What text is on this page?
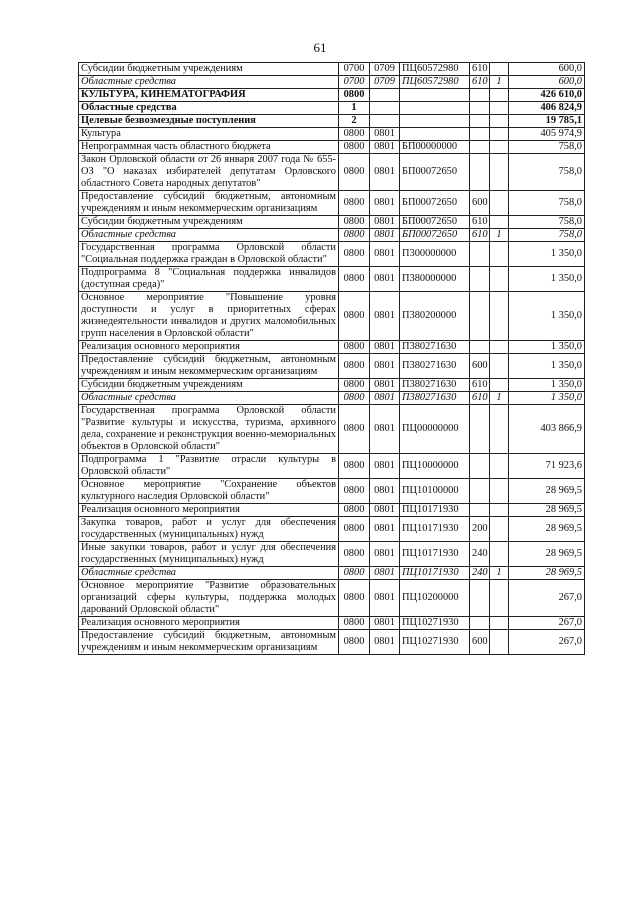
61
Субсидии бюджетным учреждениям	0700	0709	ПЦ60572980	610		600,0
Областные средства	0700	0709	ПЦ60572980	610	1	600,0
КУЛЬТУРА, КИНЕМАТОГРАФИЯ	0800					426 610,0
Областные средства	1					406 824,9
Целевые безвозмездные поступления	2					19 785,1
Культура	0800	0801				405 974,9
Непрограммная часть областного бюджета	0800	0801	БП00000000			758,0
Закон Орловской области от 26 января 2007 года № 655-ОЗ "О наказах избирателей депутатам Орловского областного Совета народных депутатов"	0800	0801	БП00072650			758,0
Предоставление субсидий бюджетным, автономным учреждениям и иным некоммерческим организациям	0800	0801	БП00072650	600		758,0
Субсидии бюджетным учреждениям	0800	0801	БП00072650	610		758,0
Областные средства	0800	0801	БП00072650	610	1	758,0
Государственная программа Орловской области "Социальная поддержка граждан в Орловской области"	0800	0801	П300000000			1 350,0
Подпрограмма 8 "Социальная поддержка инвалидов (доступная среда)"	0800	0801	П380000000			1 350,0
Основное мероприятие "Повышение уровня доступности и услуг в приоритетных сферах жизнедеятельности инвалидов и других маломобильных групп населения в Орловской области"	0800	0801	П380200000			1 350,0
Реализация основного мероприятия	0800	0801	П380271630			1 350,0
Предоставление субсидий бюджетным, автономным учреждениям и иным некоммерческим организациям	0800	0801	П380271630	600		1 350,0
Субсидии бюджетным учреждениям	0800	0801	П380271630	610		1 350,0
Областные средства	0800	0801	П380271630	610	1	1 350,0
Государственная программа Орловской области "Развитие культуры и искусства, туризма, архивного дела, сохранение и реконструкция военно-мемориальных объектов в Орловской области"	0800	0801	ПЦ00000000			403 866,9
Подпрограмма 1 "Развитие отрасли культуры в Орловской области"	0800	0801	ПЦ10000000			71 923,6
Основное мероприятие "Сохранение объектов культурного наследия Орловской области"	0800	0801	ПЦ10100000			28 969,5
Реализация основного мероприятия	0800	0801	ПЦ10171930			28 969,5
Закупка товаров, работ и услуг для обеспечения государственных (муниципальных) нужд	0800	0801	ПЦ10171930	200		28 969,5
Иные закупки товаров, работ и услуг для обеспечения государственных (муниципальных) нужд	0800	0801	ПЦ10171930	240		28 969,5
Областные средства	0800	0801	ПЦ10171930	240	1	28 969,5
Основное мероприятие "Развитие образовательных организаций сферы культуры, поддержка молодых дарований Орловской области"	0800	0801	ПЦ10200000			267,0
Реализация основного мероприятия	0800	0801	ПЦ10271930			267,0
Предоставление субсидий бюджетным, автономным учреждениям и иным некоммерческим организациям	0800	0801	ПЦ10271930	600		267,0
